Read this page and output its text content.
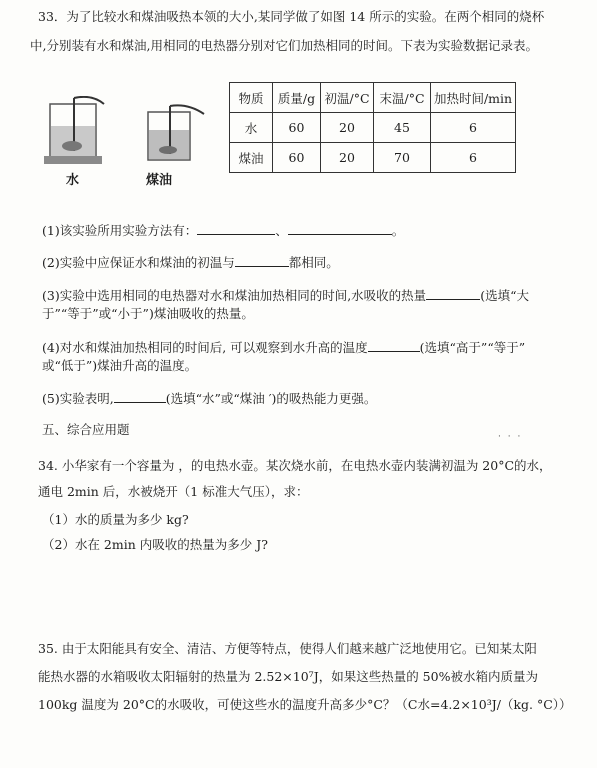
33．为了比较水和煤油吸热本领的大小,某同学做了如图 14 所示的实验。在两个相同的烧杯
中,分别装有水和煤油,用相同的电热器分别对它们加热相同的时间。下表为实验数据记录表。
水	煤油
物质	质量/g	初温/°C	末温/°C	加热时间/min
水	60	20	45	6
煤油	60	20	70	6
(1)该实验所用实验方法有：	、	。
(2)实验中应保证水和煤油的初温与	都相同。
(3)实验中选用相同的电热器对水和煤油加热相同的时间,水吸收的热量	(选填“大
于”“等于”或“小于”)煤油吸收的热量。
(4)对水和煤油加热相同的时间后, 可以观察到水升高的温度	(选填“高于”“等于”
或“低于”)煤油升高的温度。
(5)实验表明,	(选填“水”或“煤油 ′)的吸热能力更强。
五、综合应用题	· · ·
34. 小华家有一个容量为 ，的电热水壶。某次烧水前，在电热水壶内装满初温为 20°C的水，
通电 2min 后，水被烧开（1 标准大气压），求：
（1）水的质量为多少 kg?
（2）水在 2min 内吸收的热量为多少 J?
35. 由于太阳能具有安全、清洁、方便等特点，使得人们越来越广泛地使用它。已知某太阳
能热水器的水箱吸收太阳辐射的热量为 2.52×10⁷J，如果这些热量的 50%被水箱内质量为
100kg 温度为 20°C的水吸收，可使这些水的温度升高多少°C？（C水=4.2×10³J/（kg. °C））
